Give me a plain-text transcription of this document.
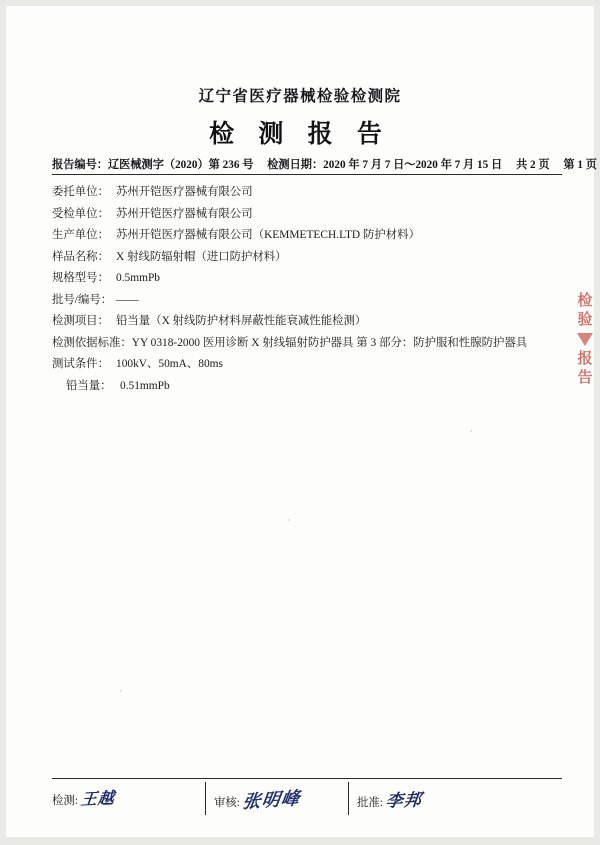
辽宁省医疗器械检验检测院
检 测 报 告
报告编号：辽医械测字（2020）第 236 号 检测日期：2020 年 7 月 7 日～2020 年 7 月 15 日 共 2 页 第 1 页
委托单位： 苏州开铠医疗器械有限公司
受检单位： 苏州开铠医疗器械有限公司
生产单位： 苏州开铠医疗器械有限公司（KEMMETECH.LTD 防护材料）
样品名称： X 射线防辐射帽（进口防护材料）
规格型号： 0.5mmPb
批号/编号： ——
检测项目： 铅当量（X 射线防护材料屏蔽性能衰减性能检测）
检测依据标准：YY 0318-2000 医用诊断 X 射线辐射防护器具 第 3 部分：防护服和性腺防护器具
测试条件： 100kV、50mA、80ms
铅当量： 0.51mmPb
检验
报告
检测: 王越	审核: 张明峰	批准: 李邦
